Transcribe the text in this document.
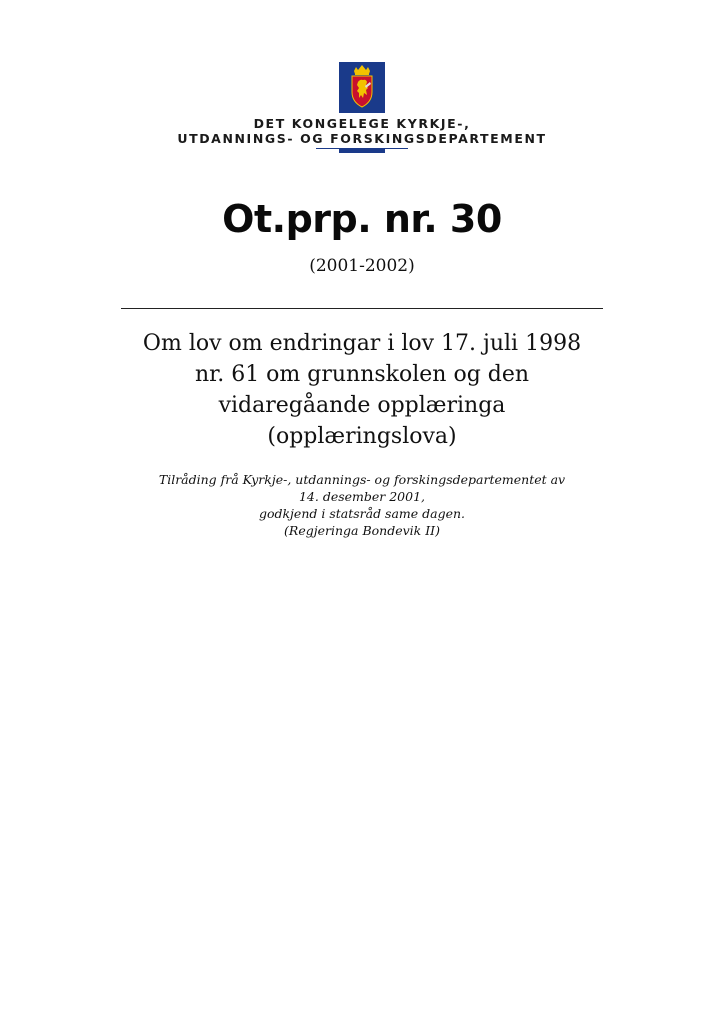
DET KONGELEGE KYRKJE-,
UTDANNINGS- OG FORSKINGSDEPARTEMENT
Ot.prp. nr. 30
(2001-2002)
Om lov om endringar i lov 17. juli 1998
nr. 61 om grunnskolen og den
vidaregåande opplæringa
(opplæringslova)
Tilråding frå Kyrkje-, utdannings- og forskingsdepartementet av
14. desember 2001,
godkjend i statsråd same dagen.
(Regjeringa Bondevik II)
